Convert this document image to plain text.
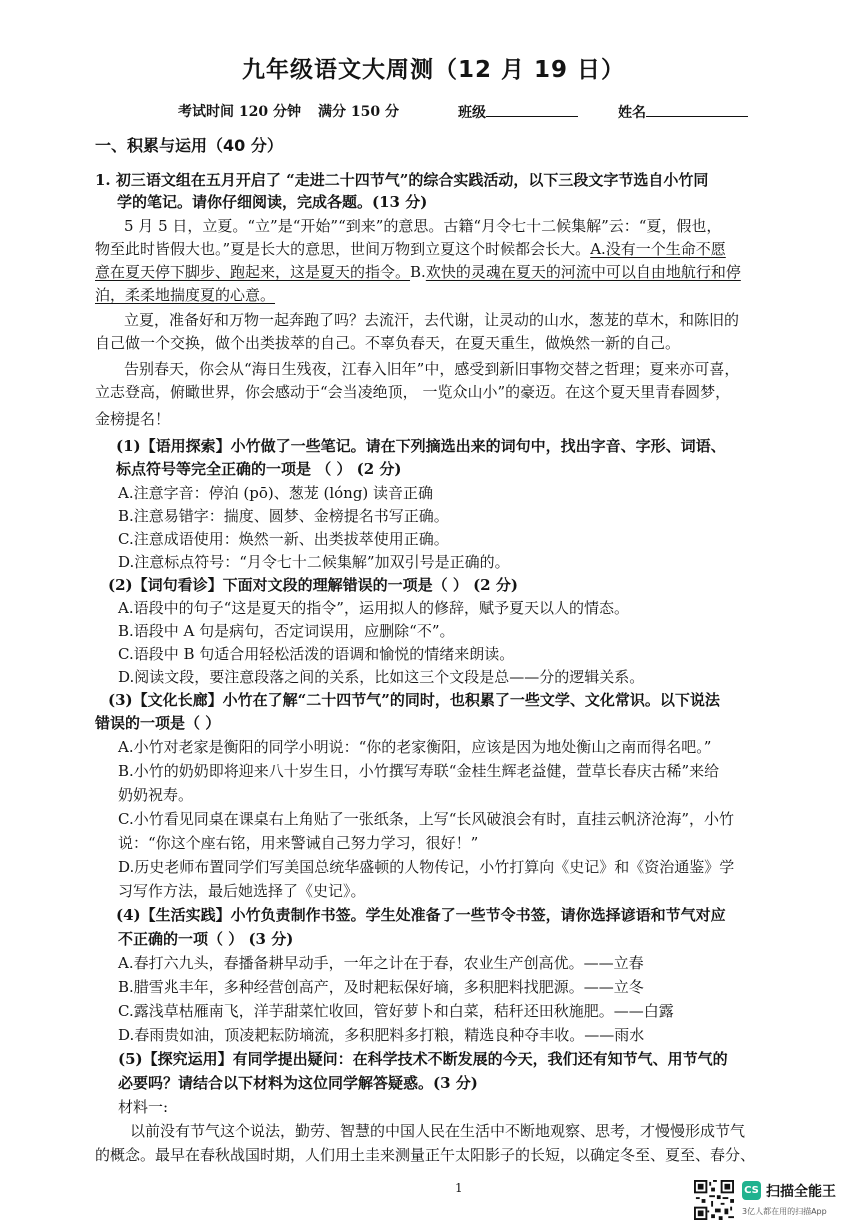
九年级语文大周测（12 月 19 日）
考试时间 120 分钟 满分 150 分	班级	姓名
一、积累与运用（40 分）
1. 初三语文组在五月开启了 “走进二十四节气”的综合实践活动，以下三段文字节选自小竹同
学的笔记。请你仔细阅读，完成各题。(13 分)
5 月 5 日，立夏。“立”是“开始”“到来”的意思。古籍“月令七十二候集解”云：“夏，假也，
物至此时皆假大也。”夏是长大的意思，世间万物到立夏这个时候都会长大。A.没有一个生命不愿
意在夏天停下脚步、跑起来，这是夏天的指令。B.欢快的灵魂在夏天的河流中可以自由地航行和停
泊，柔柔地揣度夏的心意。
立夏，准备好和万物一起奔跑了吗？去流汗，去代谢，让灵动的山水，葱茏的草木，和陈旧的
自己做一个交换，做个出类拔萃的自己。不辜负春天，在夏天重生，做焕然一新的自己。
告别春天，你会从“海日生残夜，江春入旧年”中，感受到新旧事物交替之哲理；夏来亦可喜，
立志登高，俯瞰世界，你会感动于“会当凌绝顶， 一览众山小”的豪迈。在这个夏天里青春圆梦，
金榜提名！
(1)【语用探索】小竹做了一些笔记。请在下列摘选出来的词句中，找出字音、字形、词语、
标点符号等完全正确的一项是 （ ） (2 分)
A.注意字音：停泊 (pō)、葱茏 (lóng) 读音正确
B.注意易错字：揣度、圆梦、金榜提名书写正确。
C.注意成语使用：焕然一新、出类拔萃使用正确。
D.注意标点符号：“月令七十二候集解”加双引号是正确的。
(2)【词句看诊】下面对文段的理解错误的一项是（ ） (2 分)
A.语段中的句子“这是夏天的指令”，运用拟人的修辞，赋予夏天以人的情态。
B.语段中 A 句是病句，否定词误用，应删除“不”。
C.语段中 B 句适合用轻松活泼的语调和愉悦的情绪来朗读。
D.阅读文段，要注意段落之间的关系，比如这三个文段是总——分的逻辑关系。
(3)【文化长廊】小竹在了解“二十四节气”的同时，也积累了一些文学、文化常识。以下说法
错误的一项是（ ）
A.小竹对老家是衡阳的同学小明说：“你的老家衡阳，应该是因为地处衡山之南而得名吧。”
B.小竹的奶奶即将迎来八十岁生日，小竹撰写寿联“金桂生辉老益健，萱草长春庆古稀”来给
奶奶祝寿。
C.小竹看见同桌在课桌右上角贴了一张纸条，上写“长风破浪会有时，直挂云帆济沧海”，小竹
说：“你这个座右铭，用来警诫自己努力学习，很好！”
D.历史老师布置同学们写美国总统华盛顿的人物传记，小竹打算向《史记》和《资治通鉴》学
习写作方法，最后她选择了《史记》。
(4)【生活实践】小竹负责制作书签。学生处准备了一些节令书签，请你选择谚语和节气对应
不正确的一项（ ） (3 分)
A.春打六九头，春播备耕早动手，一年之计在于春，农业生产创高优。——立春
B.腊雪兆丰年，多种经营创高产，及时耙耘保好墒，多积肥料找肥源。——立冬
C.露浅草枯雁南飞，洋芋甜菜忙收回，管好萝卜和白菜，秸秆还田秋施肥。——白露
D.春雨贵如油，顶凌耙耘防墒流，多积肥料多打粮，精选良种夺丰收。——雨水
(5)【探究运用】有同学提出疑问：在科学技术不断发展的今天，我们还有知节气、用节气的
必要吗？请结合以下材料为这位同学解答疑惑。(3 分)
材料一:
以前没有节气这个说法，勤劳、智慧的中国人民在生活中不断地观察、思考，才慢慢形成节气
的概念。最早在春秋战国时期，人们用土圭来测量正午太阳影子的长短，以确定冬至、夏至、春分、
1	CS 扫描全能王
3亿人都在用的扫描App
